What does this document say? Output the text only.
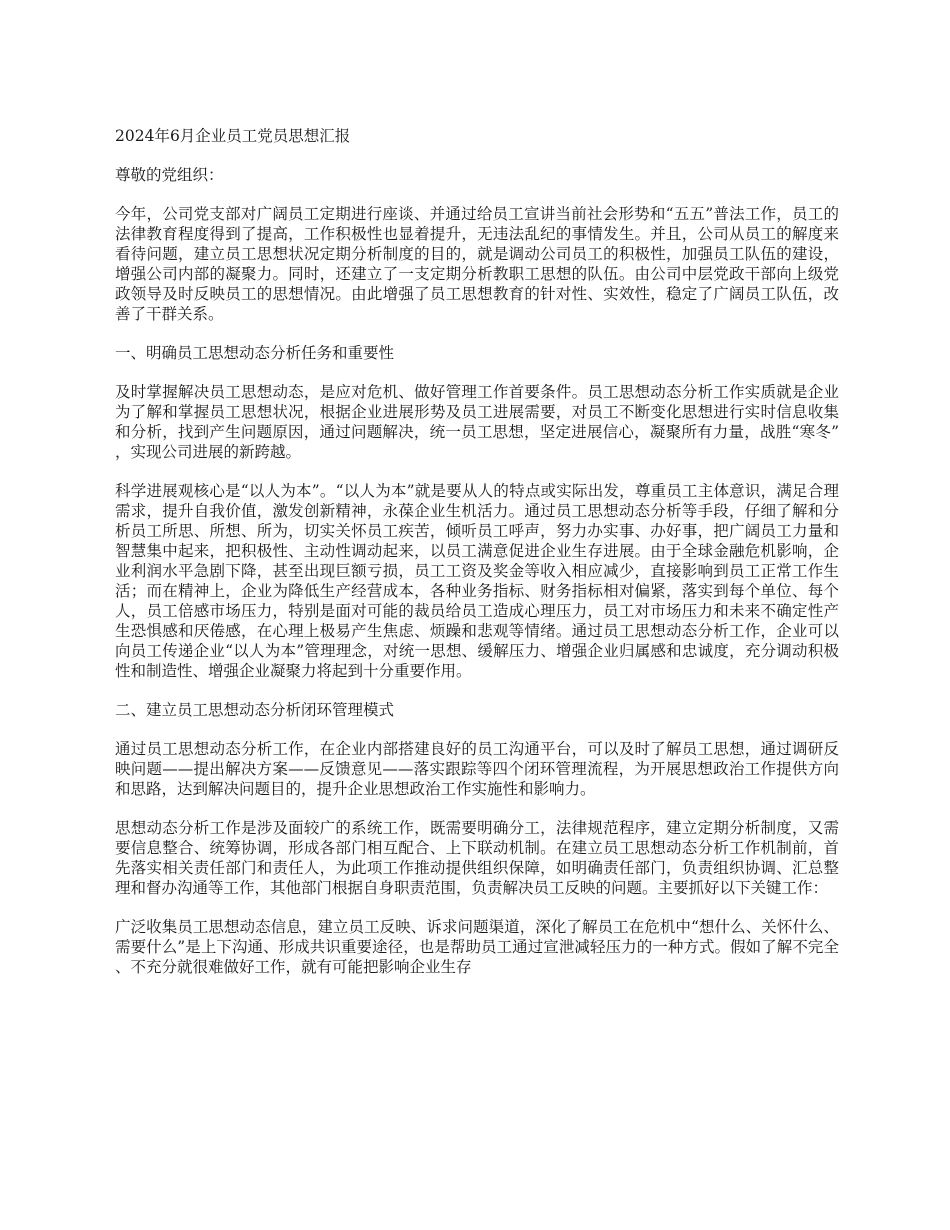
2024年6月企业员工党员思想汇报

尊敬的党组织：

今年，公司党支部对广阔员工定期进行座谈、并通过给员工宣讲当前社会形势和“五五”普法工作，员工的法律教育程度得到了提高，工作积极性也显着提升，无违法乱纪的事情发生。并且，公司从员工的解度来看待问题，建立员工思想状况定期分析制度的目的，就是调动公司员工的积极性，加强员工队伍的建设，增强公司内部的凝聚力。同时，还建立了一支定期分析教职工思想的队伍。由公司中层党政干部向上级党政领导及时反映员工的思想情况。由此增强了员工思想教育的针对性、实效性，稳定了广阔员工队伍，改善了干群关系。

一、明确员工思想动态分析任务和重要性

及时掌握解决员工思想动态，是应对危机、做好管理工作首要条件。员工思想动态分析工作实质就是企业为了解和掌握员工思想状况，根据企业进展形势及员工进展需要，对员工不断变化思想进行实时信息收集和分析，找到产生问题原因，通过问题解决，统一员工思想，坚定进展信心，凝聚所有力量，战胜“寒冬”，实现公司进展的新跨越。

科学进展观核心是“以人为本”。“以人为本”就是要从人的特点或实际出发，尊重员工主体意识，满足合理需求，提升自我价值，激发创新精神，永葆企业生机活力。通过员工思想动态分析等手段，仔细了解和分析员工所思、所想、所为，切实关怀员工疾苦，倾听员工呼声，努力办实事、办好事，把广阔员工力量和智慧集中起来，把积极性、主动性调动起来，以员工满意促进企业生存进展。由于全球金融危机影响，企业利润水平急剧下降，甚至出现巨额亏损，员工工资及奖金等收入相应减少，直接影响到员工正常工作生活；而在精神上，企业为降低生产经营成本，各种业务指标、财务指标相对偏紧，落实到每个单位、每个人，员工倍感市场压力，特别是面对可能的裁员给员工造成心理压力，员工对市场压力和未来不确定性产生恐惧感和厌倦感，在心理上极易产生焦虑、烦躁和悲观等情绪。通过员工思想动态分析工作，企业可以向员工传递企业“以人为本”管理理念，对统一思想、缓解压力、增强企业归属感和忠诚度，充分调动积极性和制造性、增强企业凝聚力将起到十分重要作用。

二、建立员工思想动态分析闭环管理模式

通过员工思想动态分析工作，在企业内部搭建良好的员工沟通平台，可以及时了解员工思想，通过调研反映问题——提出解决方案——反馈意见——落实跟踪等四个闭环管理流程，为开展思想政治工作提供方向和思路，达到解决问题目的，提升企业思想政治工作实施性和影响力。

思想动态分析工作是涉及面较广的系统工作，既需要明确分工，法律规范程序，建立定期分析制度，又需要信息整合、统筹协调，形成各部门相互配合、上下联动机制。在建立员工思想动态分析工作机制前，首先落实相关责任部门和责任人，为此项工作推动提供组织保障，如明确责任部门，负责组织协调、汇总整理和督办沟通等工作，其他部门根据自身职责范围，负责解决员工反映的问题。主要抓好以下关键工作：

广泛收集员工思想动态信息，建立员工反映、诉求问题渠道，深化了解员工在危机中“想什么、关怀什么、需要什么”是上下沟通、形成共识重要途径，也是帮助员工通过宣泄减轻压力的一种方式。假如了解不完全、不充分就很难做好工作，就有可能把影响企业生存
